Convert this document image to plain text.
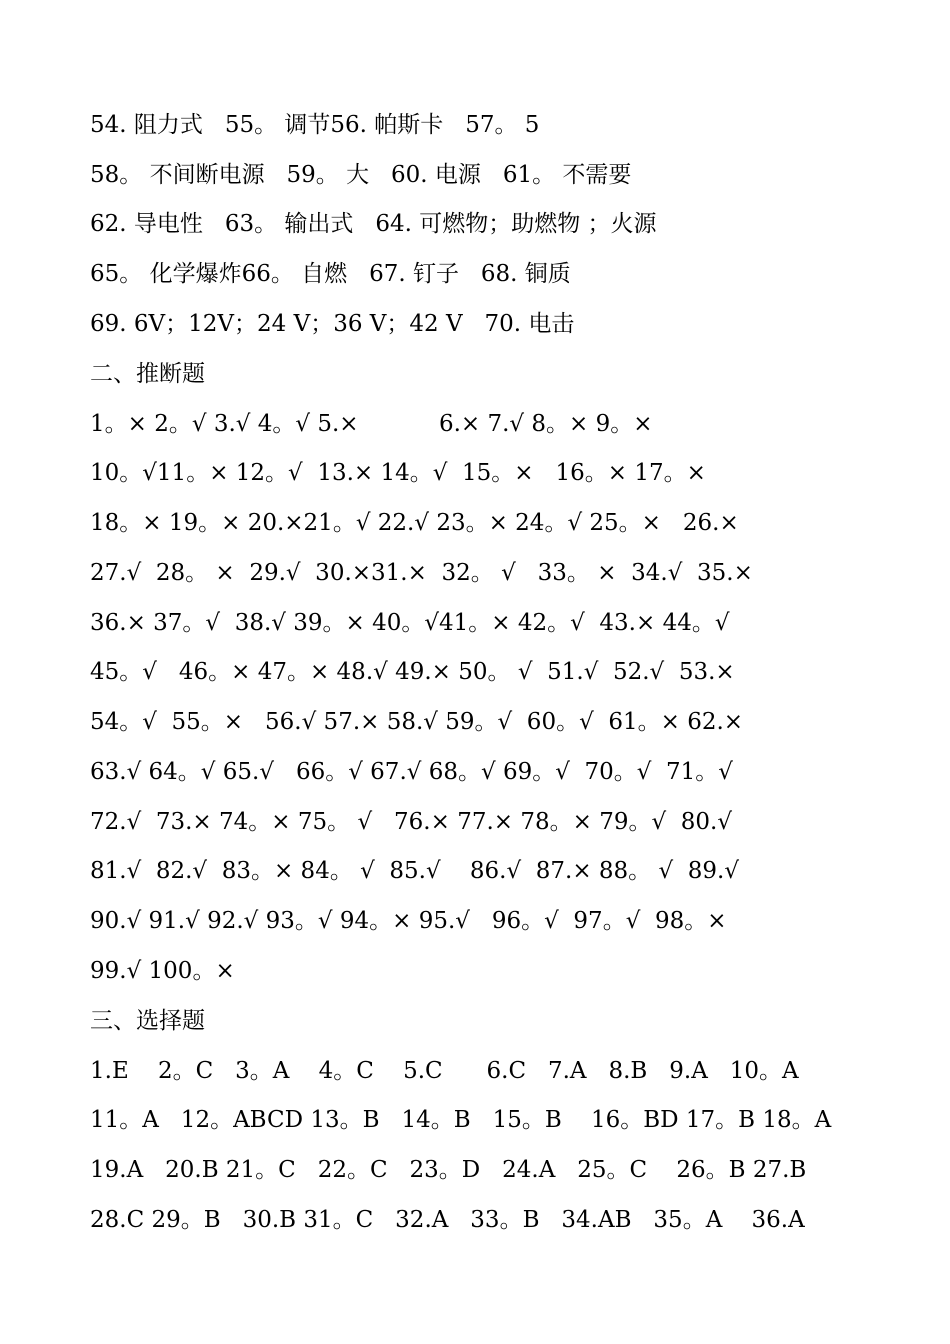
54. 阻力式   55。 调节56. 帕斯卡   57。 5
58。 不间断电源   59。 大   60. 电源   61。 不需要
62. 导电性   63。 输出式   64. 可燃物；助燃物 ；火源
65。 化学爆炸66。 自燃   67. 钉子   68. 铜质
69. 6V；12V；24 V；36 V；42 V   70. 电击
二、推断题
1。× 2。√ 3.√ 4。√ 5.×           6.× 7.√ 8。× 9。×
10。√11。× 12。√  13.× 14。√  15。×   16。× 17。×
18。× 19。× 20.×21。√ 22.√ 23。× 24。√ 25。×   26.×
27.√  28。 ×  29.√  30.×31.×  32。 √   33。 ×  34.√  35.×
36.× 37。√  38.√ 39。× 40。√41。× 42。√  43.× 44。√
45。√   46。× 47。× 48.√ 49.× 50。 √  51.√  52.√  53.×
54。√  55。×   56.√ 57.× 58.√ 59。√  60。√  61。× 62.×
63.√ 64。√ 65.√   66。√ 67.√ 68。√ 69。√  70。√  71。√
72.√  73.× 74。× 75。 √   76.× 77.× 78。× 79。√  80.√
81.√  82.√  83。× 84。 √  85.√    86.√  87.× 88。 √  89.√
90.√ 91.√ 92.√ 93。√ 94。× 95.√   96。√  97。√  98。×
99.√ 100。×
三、选择题
1.E    2。C   3。A    4。C    5.C      6.C   7.A   8.B   9.A   10。A
11。A   12。ABCD 13。B   14。B   15。B    16。BD 17。B 18。A
19.A   20.B 21。C   22。C   23。D   24.A   25。C    26。B 27.B
28.C 29。B   30.B 31。C   32.A   33。B   34.AB   35。A    36.A
